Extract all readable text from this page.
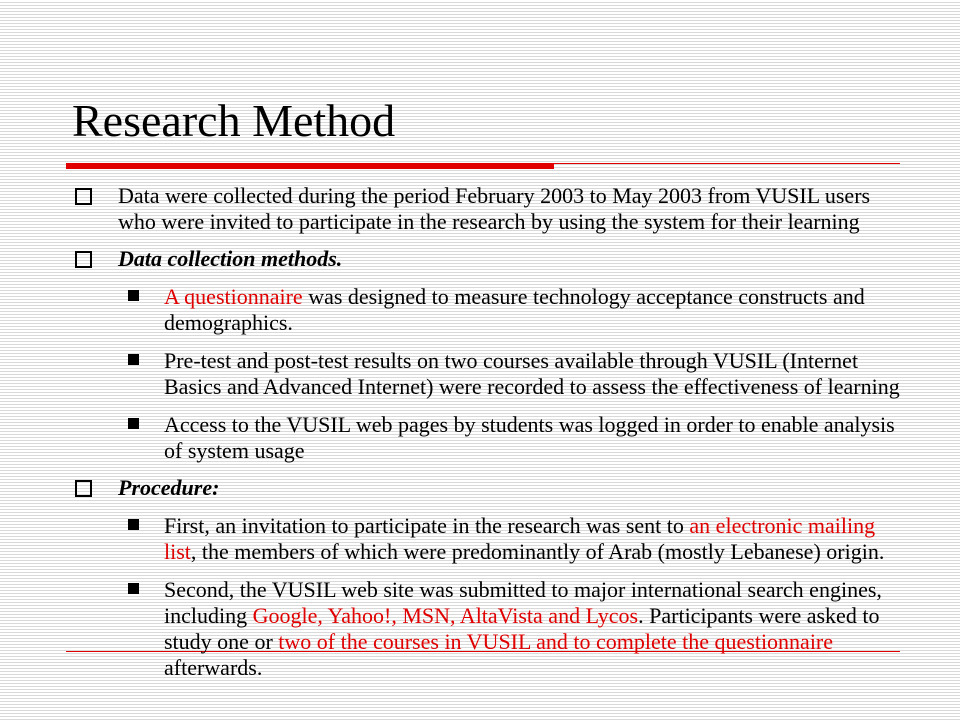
Research Method

Data were collected during the period February 2003 to May 2003 from VUSIL users who were invited to participate in the research by using the system for their learning

Data collection methods.

A questionnaire was designed to measure technology acceptance constructs and demographics.

Pre-test and post-test results on two courses available through VUSIL (Internet Basics and Advanced Internet) were recorded to assess the effectiveness of learning

Access to the VUSIL web pages by students was logged in order to enable analysis of system usage

Procedure:

First, an invitation to participate in the research was sent to an electronic mailing list, the members of which were predominantly of Arab (mostly Lebanese) origin.

Second, the VUSIL web site was submitted to major international search engines, including Google, Yahoo!, MSN, AltaVista and Lycos. Participants were asked to study one or two of the courses in VUSIL and to complete the questionnaire afterwards.
